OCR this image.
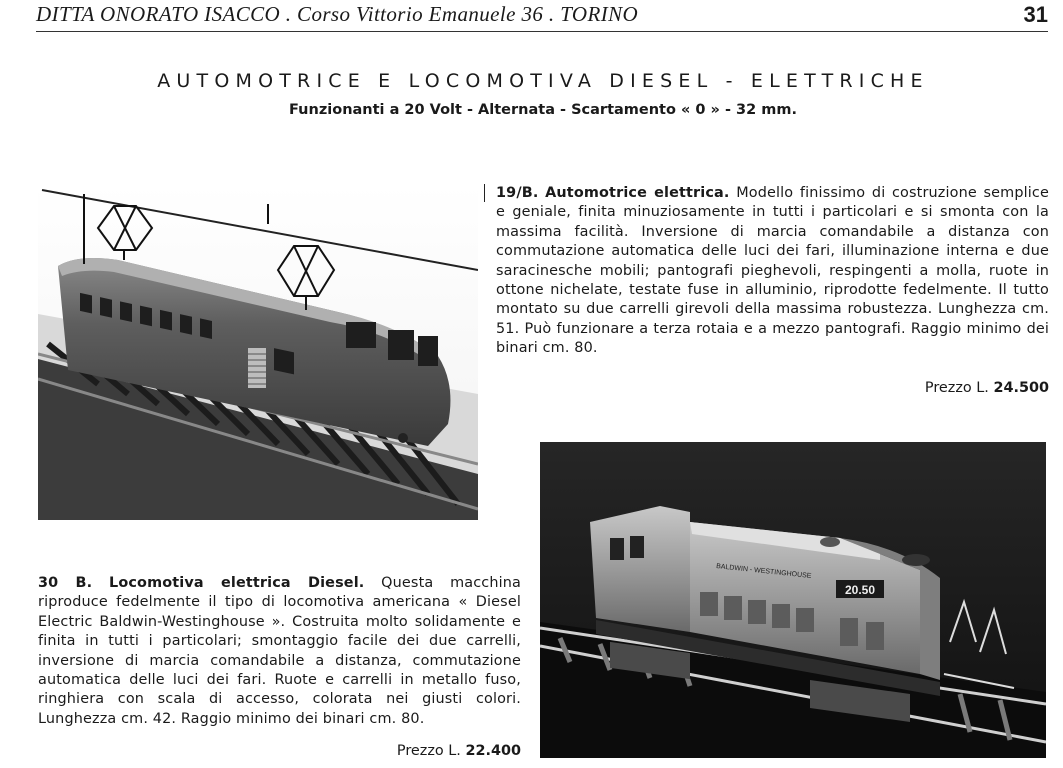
DITTA ONORATO ISACCO . Corso Vittorio Emanuele 36 . TORINO	31
AUTOMOTRICE E LOCOMOTIVA DIESEL - ELETTRICHE
Funzionanti a 20 Volt - Alternata - Scartamento « 0 » - 32 mm.
19/B. Automotrice elettrica. Modello finissimo di costruzione semplice e geniale, finita minuziosamente in tutti i particolari e si smonta con la massima facilità. Inversione di marcia comandabile a distanza con commutazione automatica delle luci dei fari, illuminazione interna e due saracinesche mobili; pantografi pieghevoli, respingenti a molla, ruote in ottone nichelate, testate fuse in alluminio, riprodotte fedelmente. Il tutto montato su due carrelli girevoli della massima robustezza. Lunghezza cm. 51. Può funzionare a terza rotaia e a mezzo pantografi. Raggio minimo dei binari cm. 80.
Prezzo L. 24.500
20.50
BALDWIN - WESTINGHOUSE
30 B. Locomotiva elettrica Diesel. Questa macchina riproduce fedelmente il tipo di locomotiva americana « Diesel Electric Baldwin-Westinghouse ». Costruita molto solidamente e finita in tutti i particolari; smontaggio facile dei due carrelli, inversione di marcia comandabile a distanza, commutazione automatica delle luci dei fari. Ruote e carrelli in metallo fuso, ringhiera con scala di accesso, colorata nei giusti colori. Lunghezza cm. 42. Raggio minimo dei binari cm. 80.
Prezzo L. 22.400
